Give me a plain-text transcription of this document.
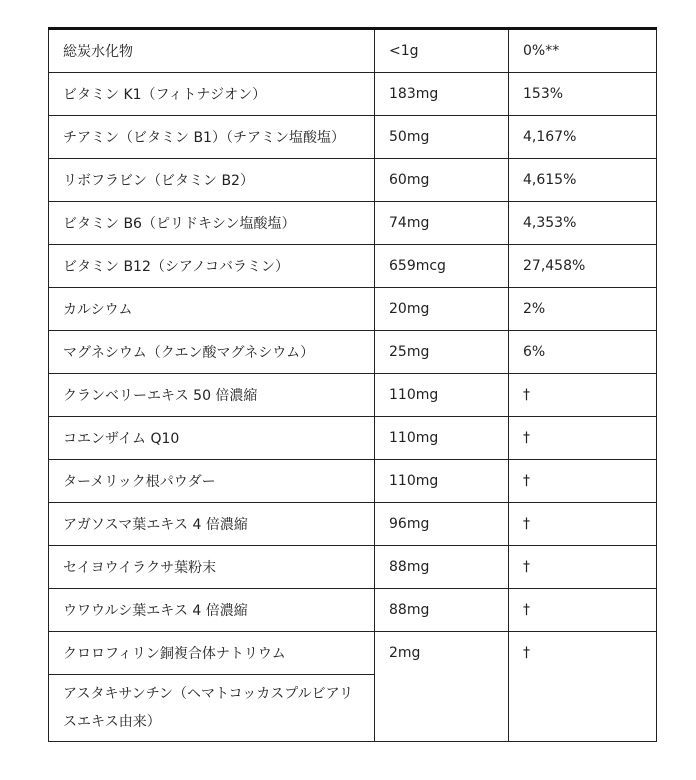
総炭水化物	<1g	0%**
ビタミン K1（フィトナジオン）	183mg	153%
チアミン（ビタミン B1）（チアミン塩酸塩）	50mg	4,167%
リボフラビン（ビタミン B2）	60mg	4,615%
ビタミン B6（ピリドキシン塩酸塩）	74mg	4,353%
ビタミン B12（シアノコバラミン）	659mcg	27,458%
カルシウム	20mg	2%
マグネシウム（クエン酸マグネシウム）	25mg	6%
クランベリーエキス 50 倍濃縮	110mg	†
コエンザイム Q10	110mg	†
ターメリック根パウダー	110mg	†
アガソスマ葉エキス 4 倍濃縮	96mg	†
セイヨウイラクサ葉粉末	88mg	†
ウワウルシ葉エキス 4 倍濃縮	88mg	†
クロロフィリン銅複合体ナトリウム	2mg	†
アスタキサンチン（ヘマトコッカスプルビアリスエキス由来）		
